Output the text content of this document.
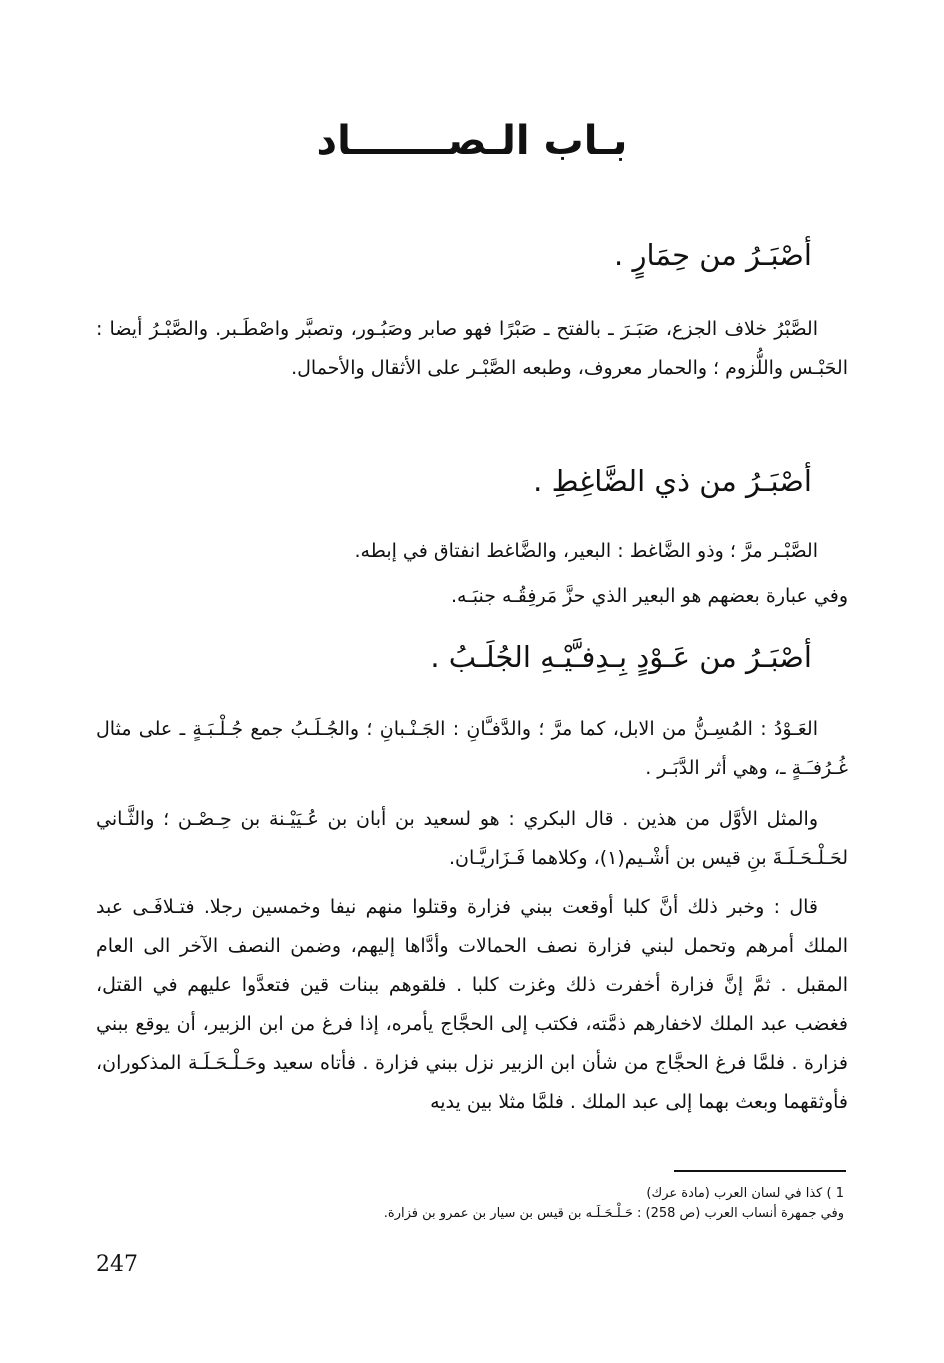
بـاب الـصـــــــاد
أصْبَـرُ من حِمَارٍ .

الصَّبْرُ خلاف الجزع، صَبَـرَ ـ بالفتح ـ صَبْرًا فهو صابر وصَبُـور، وتصبَّر واصْطَـبر. والصَّبْـرُ أيضا : الحَبْـس واللُّزوم ؛ والحمار معروف، وطبعه الصَّبْـر على الأثقال والأحمال.

أصْبَـرُ من ذي الضَّاغِطِ .

الصَّبْـر مرَّ ؛ وذو الضَّاغط : البعير، والضَّاغط انفتاق في إبطه.

وفي عبارة بعضهم هو البعير الذي حزَّ مَرفِقُـه جنبَـه.

أصْبَـرُ من عَـوْدٍ بِـدِفـَّيْـهِ الجُلَـبُ .

العَـوْدُ : المُسِـنُّ من الابل، كما مرَّ ؛ والدَّفـَّانِ : الجَـنْـبانِ ؛ والجُـلَـبُ جمع جُـلْـبَـةٍ ـ على مثال غُـرُفـَـةٍ ـ، وهي أثر الدَّبَـر .

والمثل الأوَّل من هذين . قال البكري : هو لسعيد بن أبان بن عُـيَيْـنة بن حِـصْـن ؛ والثَّـاني لحَـلْـحَـلَـةَ بنِ قيس بن أشْـيم(١)، وكلاهما فَـزَاريَّـان.

قال : وخبر ذلك أنَّ كلبا أوقعت ببني فزارة وقتلوا منهم نيفا وخمسين رجلا. فتـلافَـى عبد الملك أمرهم وتحمل لبني فزارة نصف الحمالات وأدَّاها إليهم، وضمن النصف الآخر الى العام المقبل . ثمَّ إنَّ فزارة أخفرت ذلك وغزت كلبا . فلقوهم ببنات قين فتعدَّوا عليهم في القتل، فغضب عبد الملك لاخفارهم ذمَّته، فكتب إلى الحجَّاج يأمره، إذا فرغ من ابن الزبير، أن يوقع ببني فزارة . فلمَّا فرغ الحجَّاج من شأن ابن الزبير نزل ببني فزارة . فأتاه سعيد وحَـلْـحَـلَـة المذكوران، فأوثقهما وبعث بهما إلى عبد الملك . فلمَّا مثلا بين يديه

1 ) كذا في لسان العرب (مادة عرك)
وفي جمهرة أنساب العرب (ص 258) : حَـلْـحَـلَـه بن قيس بن سيار بن عمرو بن فزارة.
247
